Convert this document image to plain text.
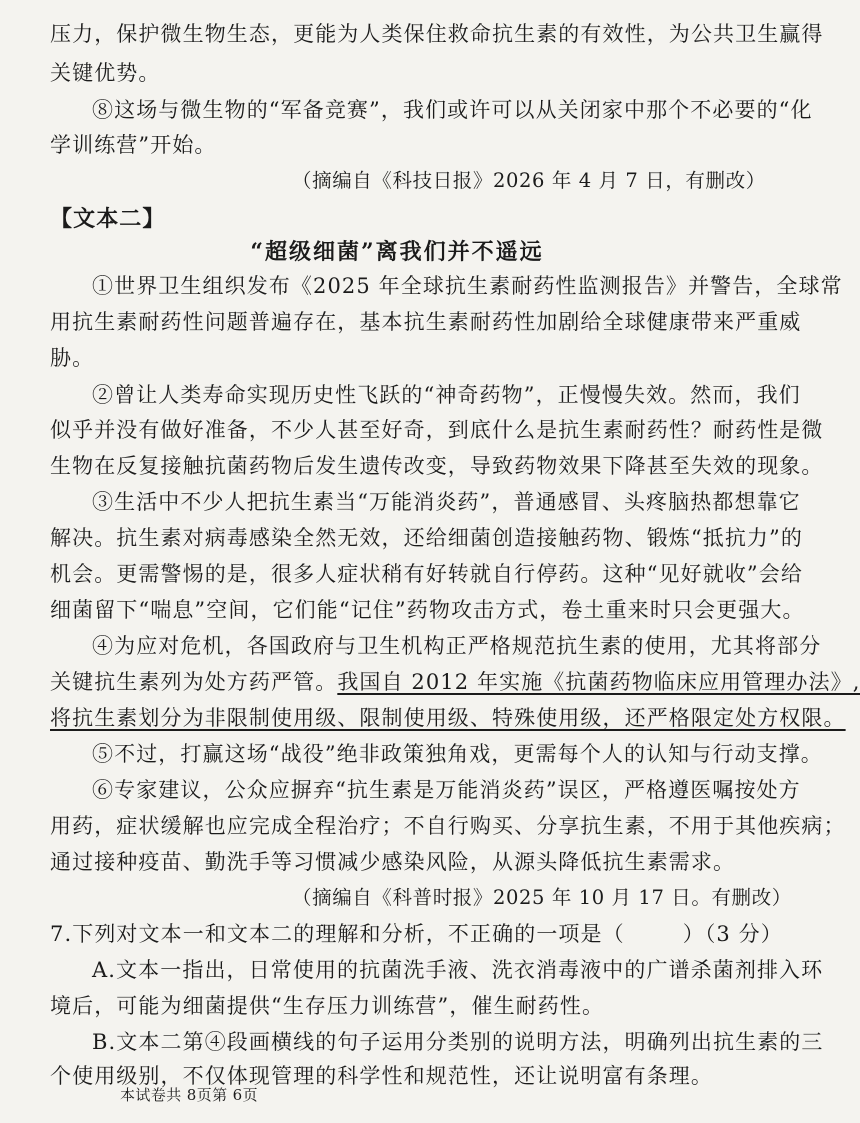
压力，保护微生物生态，更能为人类保住救命抗生素的有效性，为公共卫生赢得
关键优势。
⑧这场与微生物的“军备竞赛”，我们或许可以从关闭家中那个不必要的“化
学训练营”开始。
（摘编自《科技日报》2026 年 4 月 7 日，有删改）
【文本二】
“超级细菌”离我们并不遥远
①世界卫生组织发布《2025 年全球抗生素耐药性监测报告》并警告，全球常
用抗生素耐药性问题普遍存在，基本抗生素耐药性加剧给全球健康带来严重威
胁。
②曾让人类寿命实现历史性飞跃的“神奇药物”，正慢慢失效。然而，我们
似乎并没有做好准备，不少人甚至好奇，到底什么是抗生素耐药性？耐药性是微
生物在反复接触抗菌药物后发生遗传改变，导致药物效果下降甚至失效的现象。
③生活中不少人把抗生素当“万能消炎药”，普通感冒、头疼脑热都想靠它
解决。抗生素对病毒感染全然无效，还给细菌创造接触药物、锻炼“抵抗力”的
机会。更需警惕的是，很多人症状稍有好转就自行停药。这种“见好就收”会给
细菌留下“喘息”空间，它们能“记住”药物攻击方式，卷土重来时只会更强大。
④为应对危机，各国政府与卫生机构正严格规范抗生素的使用，尤其将部分
关键抗生素列为处方药严管。我国自 2012 年实施《抗菌药物临床应用管理办法》,
将抗生素划分为非限制使用级、限制使用级、特殊使用级，还严格限定处方权限。
⑤不过，打赢这场“战役”绝非政策独角戏，更需每个人的认知与行动支撑。
⑥专家建议，公众应摒弃“抗生素是万能消炎药”误区，严格遵医嘱按处方
用药，症状缓解也应完成全程治疗；不自行购买、分享抗生素，不用于其他疾病；
通过接种疫苗、勤洗手等习惯减少感染风险，从源头降低抗生素需求。
（摘编自《科普时报》2025 年 10 月 17 日。有删改）
7.下列对文本一和文本二的理解和分析，不正确的一项是（	）（3 分）
A.文本一指出，日常使用的抗菌洗手液、洗衣消毒液中的广谱杀菌剂排入环
境后，可能为细菌提供“生存压力训练营”，催生耐药性。
B.文本二第④段画横线的句子运用分类别的说明方法，明确列出抗生素的三
个使用级别，不仅体现管理的科学性和规范性，还让说明富有条理。
本试卷共 8页第 6页
